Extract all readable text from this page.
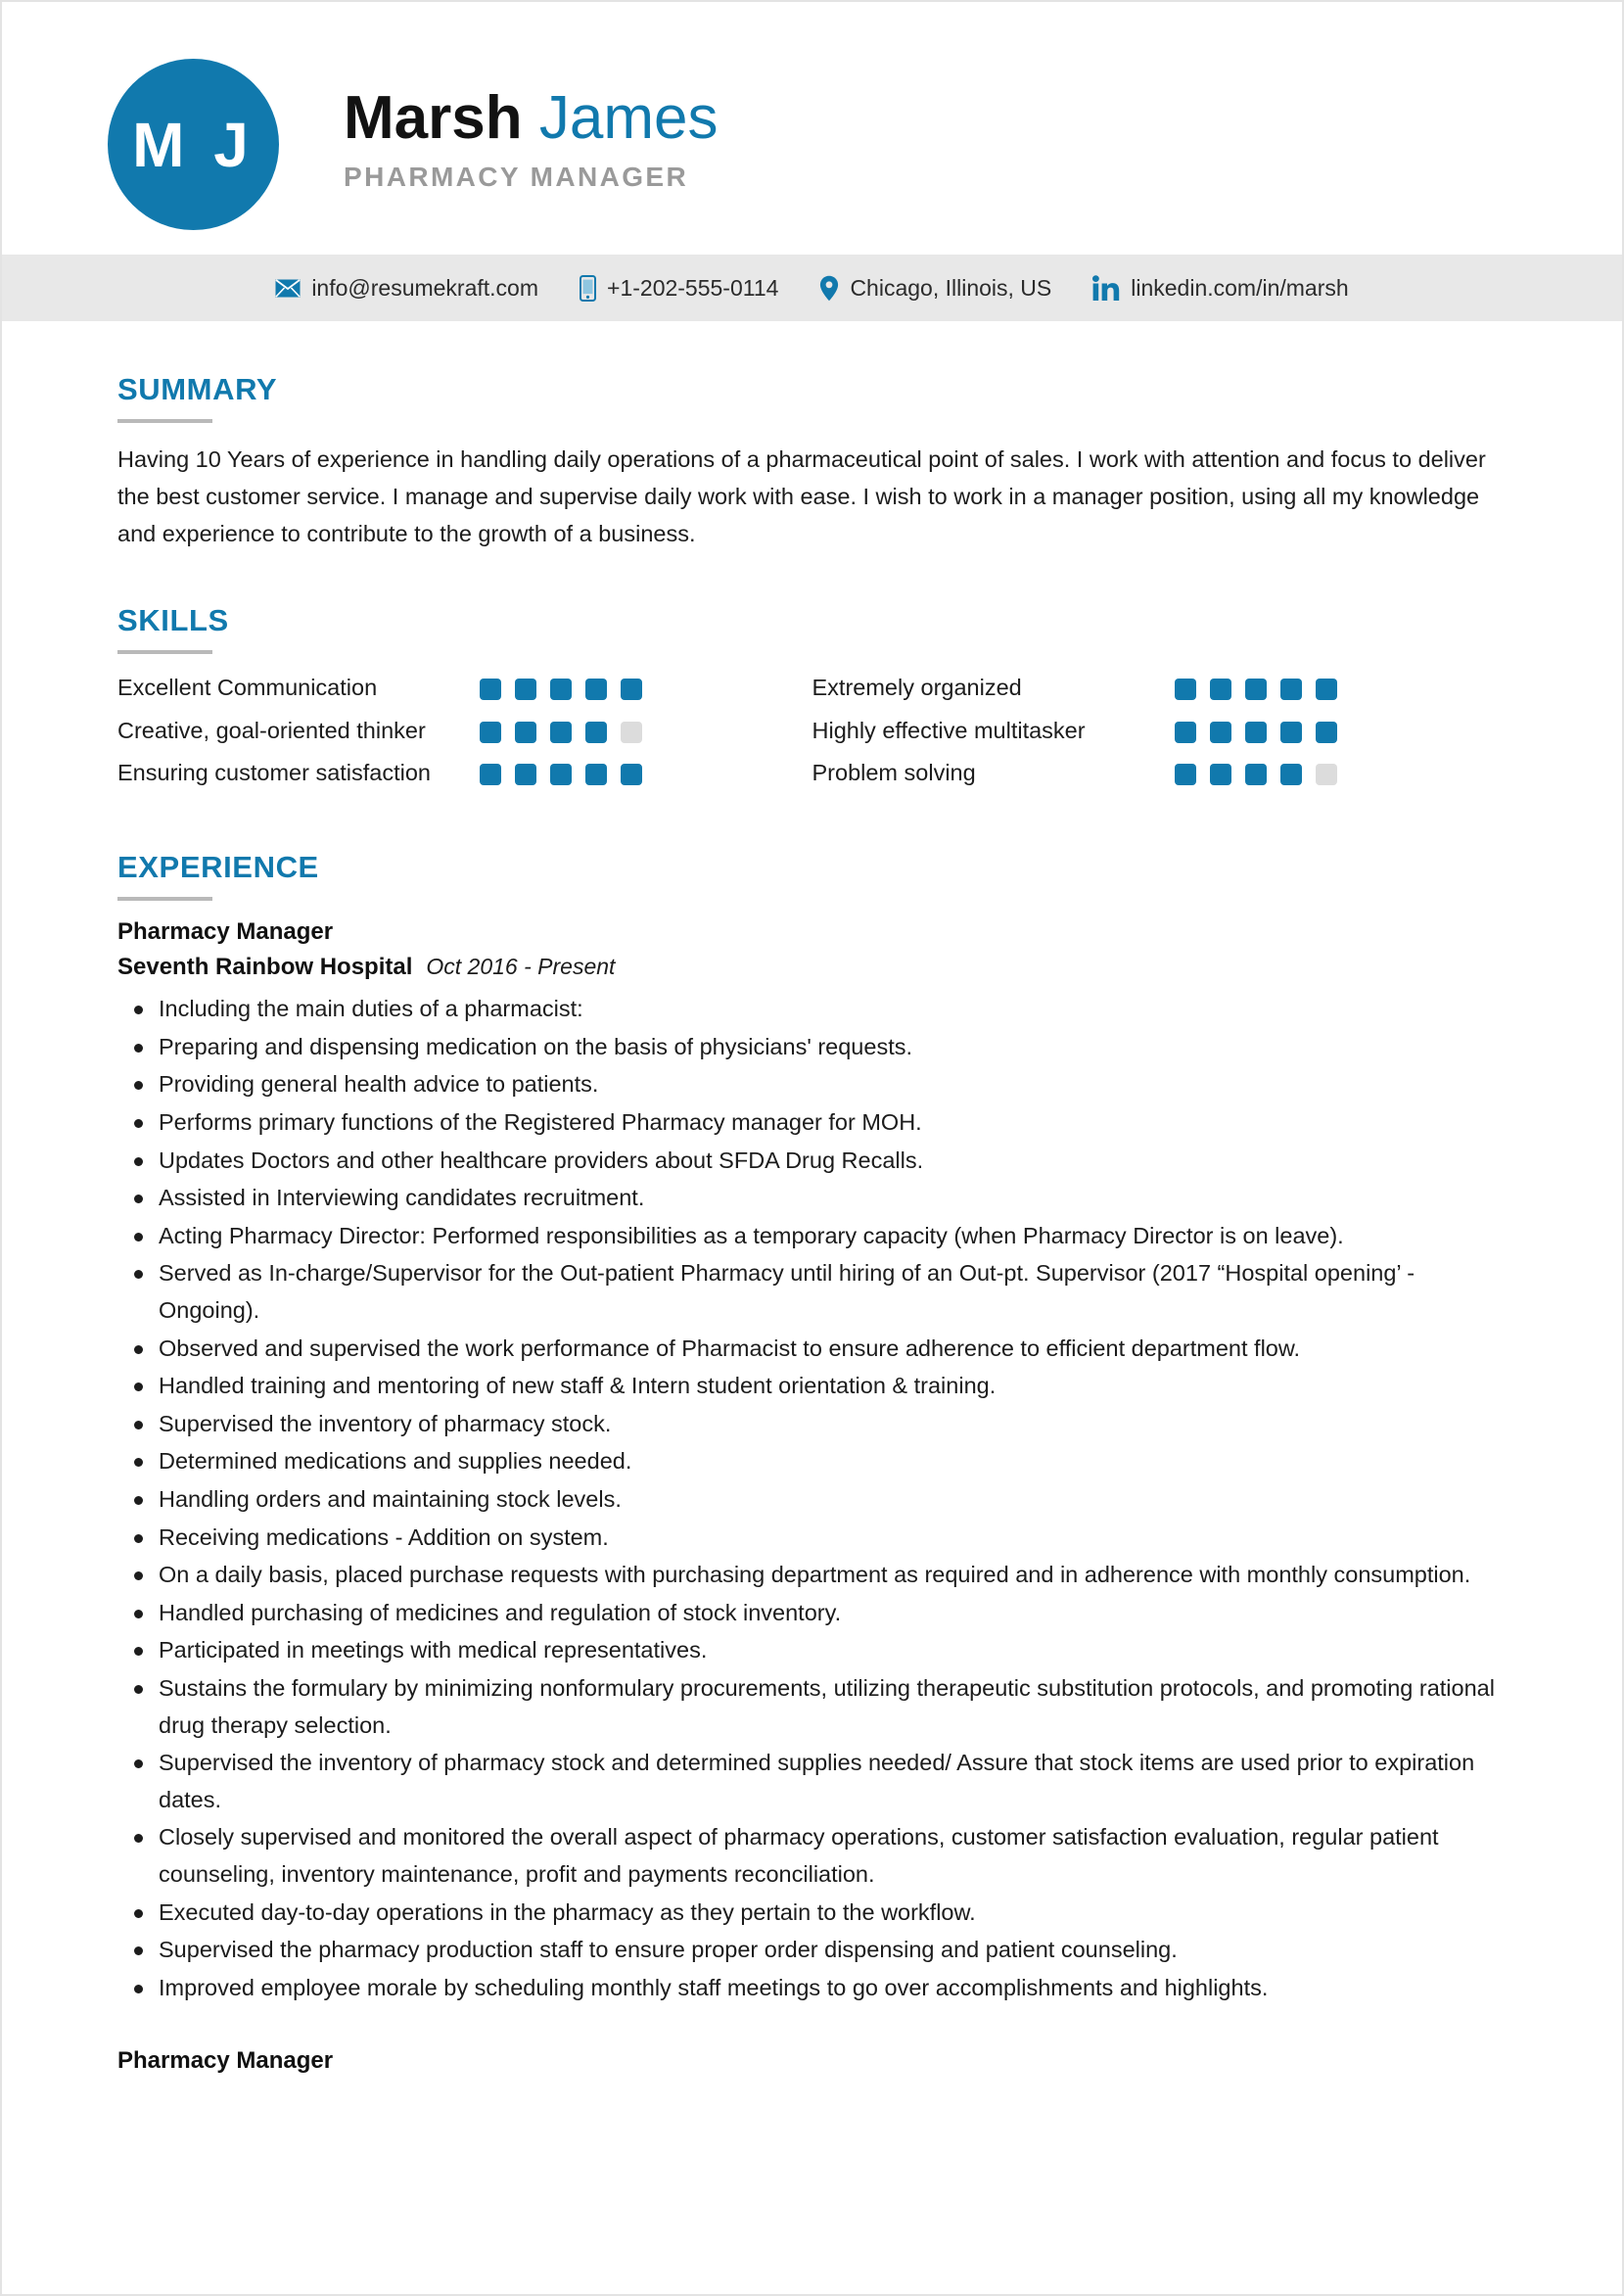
M J Marsh James
PHARMACY MANAGER
info@resumekraft.com	+1-202-555-0114	Chicago, Illinois, US	linkedin.com/in/marsh
SUMMARY
Having 10 Years of experience in handling daily operations of a pharmaceutical point of sales. I work with attention and focus to deliver the best customer service. I manage and supervise daily work with ease. I wish to work in a manager position, using all my knowledge and experience to contribute to the growth of a business.
SKILLS
Excellent Communication
Creative, goal-oriented thinker
Ensuring customer satisfaction
Extremely organized
Highly effective multitasker
Problem solving
EXPERIENCE
Pharmacy Manager
Seventh Rainbow Hospital Oct 2016 - Present
Including the main duties of a pharmacist:
Preparing and dispensing medication on the basis of physicians' requests.
Providing general health advice to patients.
Performs primary functions of the Registered Pharmacy manager for MOH.
Updates Doctors and other healthcare providers about SFDA Drug Recalls.
Assisted in Interviewing candidates recruitment.
Acting Pharmacy Director: Performed responsibilities as a temporary capacity (when Pharmacy Director is on leave).
Served as In-charge/Supervisor for the Out-patient Pharmacy until hiring of an Out-pt. Supervisor (2017 “Hospital opening’ - Ongoing).
Observed and supervised the work performance of Pharmacist to ensure adherence to efficient department flow.
Handled training and mentoring of new staff & Intern student orientation & training.
Supervised the inventory of pharmacy stock.
Determined medications and supplies needed.
Handling orders and maintaining stock levels.
Receiving medications - Addition on system.
On a daily basis, placed purchase requests with purchasing department as required and in adherence with monthly consumption.
Handled purchasing of medicines and regulation of stock inventory.
Participated in meetings with medical representatives.
Sustains the formulary by minimizing nonformulary procurements, utilizing therapeutic substitution protocols, and promoting rational drug therapy selection.
Supervised the inventory of pharmacy stock and determined supplies needed/ Assure that stock items are used prior to expiration dates.
Closely supervised and monitored the overall aspect of pharmacy operations, customer satisfaction evaluation, regular patient counseling, inventory maintenance, profit and payments reconciliation.
Executed day-to-day operations in the pharmacy as they pertain to the workflow.
Supervised the pharmacy production staff to ensure proper order dispensing and patient counseling.
Improved employee morale by scheduling monthly staff meetings to go over accomplishments and highlights.
Pharmacy Manager
